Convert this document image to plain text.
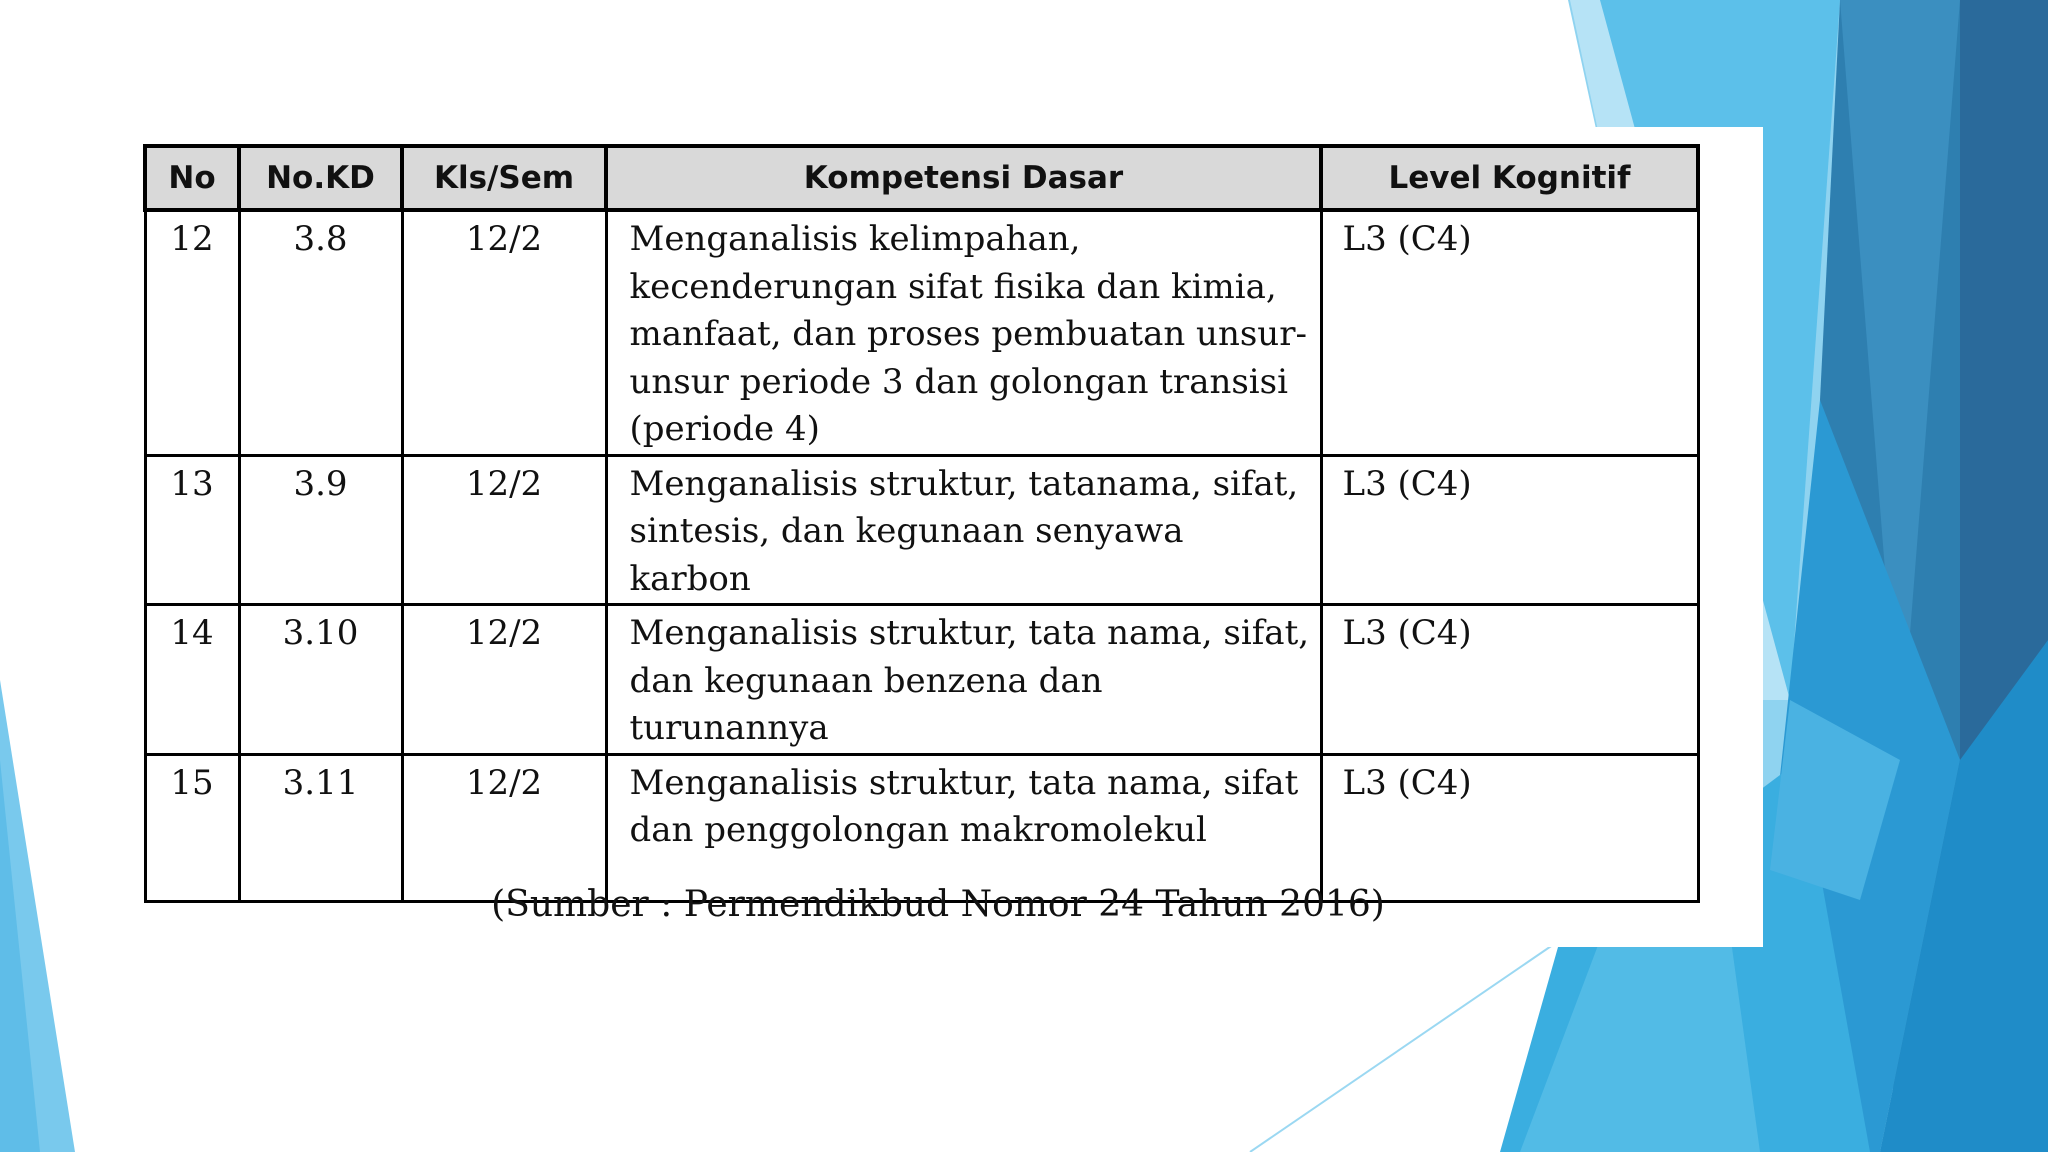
No	No.KD	Kls/Sem	Kompetensi Dasar	Level Kognitif
12	3.8	12/2	Menganalisis kelimpahan, kecenderungan sifat fisika dan kimia, manfaat, dan proses pembuatan unsur-unsur periode 3 dan golongan transisi (periode 4)	L3 (C4)
13	3.9	12/2	Menganalisis struktur, tatanama, sifat, sintesis, dan kegunaan senyawa karbon	L3 (C4)
14	3.10	12/2	Menganalisis struktur, tata nama, sifat, dan kegunaan benzena dan turunannya	L3 (C4)
15	3.11	12/2	Menganalisis struktur, tata nama, sifat dan penggolongan makromolekul	L3 (C4)
(Sumber : Permendikbud Nomor 24 Tahun 2016)
